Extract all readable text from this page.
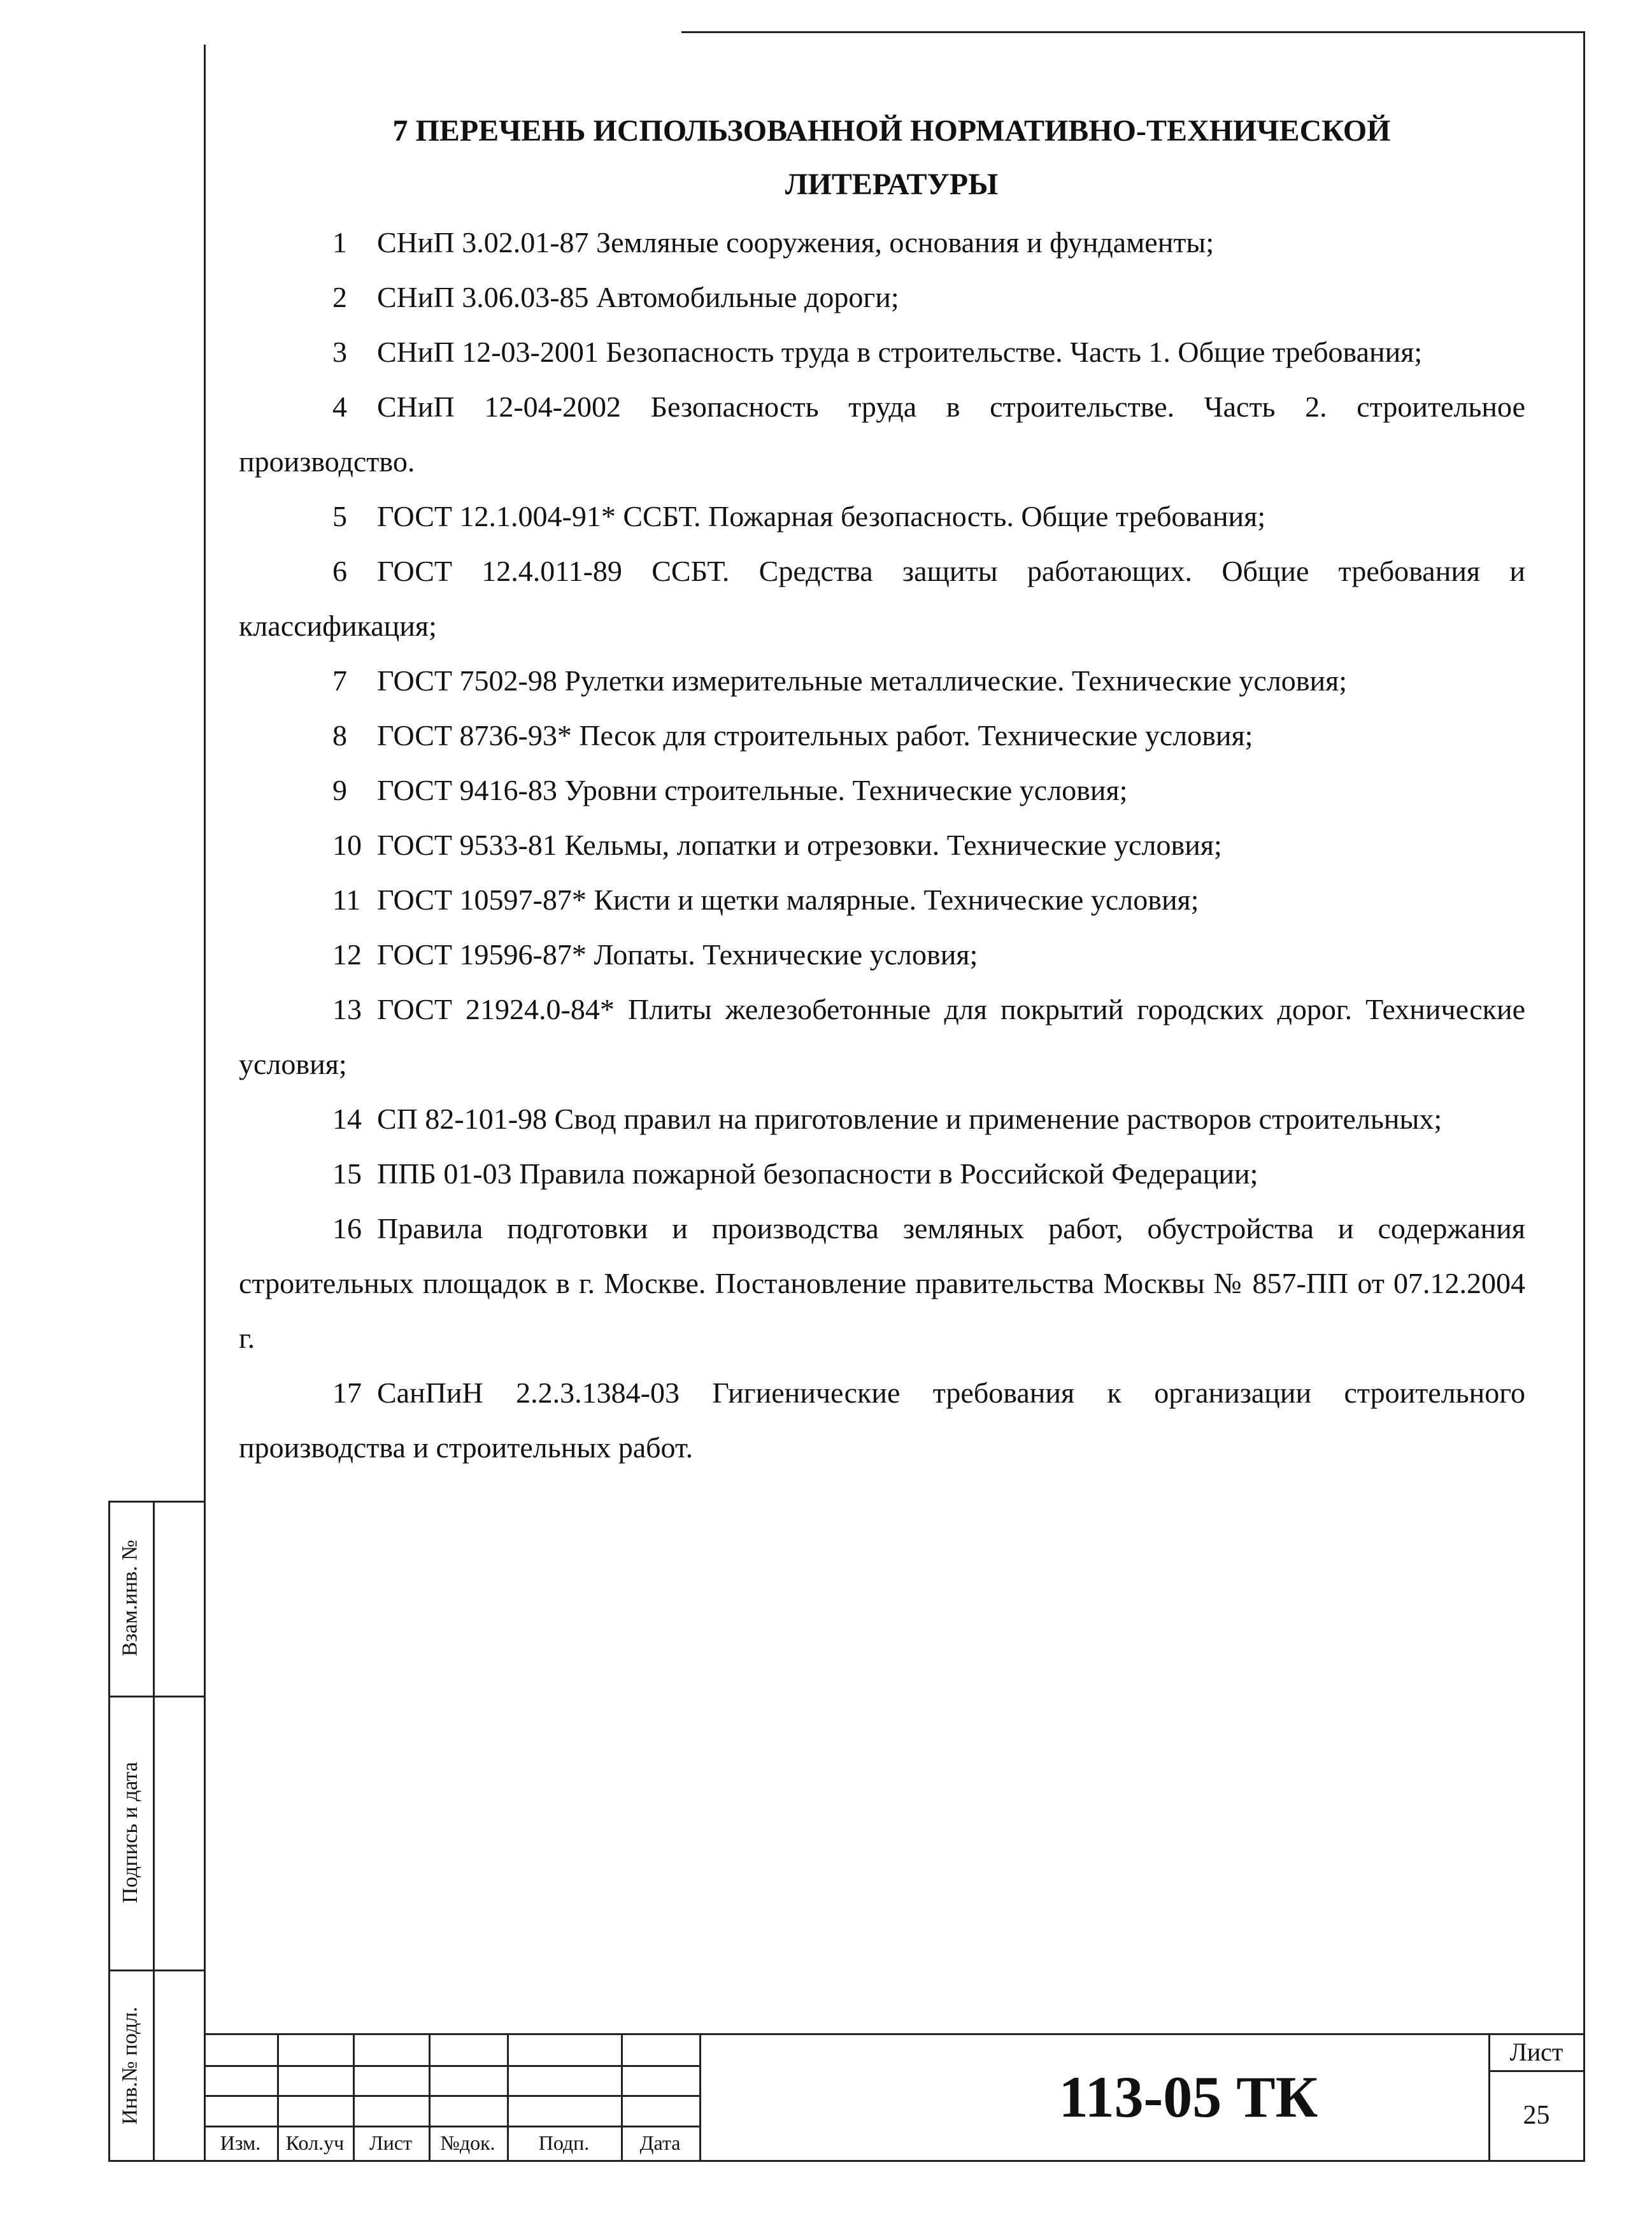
Взам.инв. №
Подпись и дата
Инв.№ подл.
7 ПЕРЕЧЕНЬ ИСПОЛЬЗОВАННОЙ НОРМАТИВНО-ТЕХНИЧЕСКОЙ
ЛИТЕРАТУРЫ

1 СНиП 3.02.01-87 Земляные сооружения, основания и фундаменты;

2 СНиП 3.06.03-85 Автомобильные дороги;

3 СНиП 12-03-2001 Безопасность труда в строительстве. Часть 1. Общие требования;

4 СНиП 12-04-2002 Безопасность труда в строительстве. Часть 2. строительное производство.

5 ГОСТ 12.1.004-91* ССБТ. Пожарная безопасность. Общие требования;

6 ГОСТ 12.4.011-89 ССБТ. Средства защиты работающих. Общие требования и классификация;

7 ГОСТ 7502-98 Рулетки измерительные металлические. Технические условия;

8 ГОСТ 8736-93* Песок для строительных работ. Технические условия;

9 ГОСТ 9416-83 Уровни строительные. Технические условия;

10 ГОСТ 9533-81 Кельмы, лопатки и отрезовки. Технические условия;

11 ГОСТ 10597-87* Кисти и щетки малярные. Технические условия;

12 ГОСТ 19596-87* Лопаты. Технические условия;

13 ГОСТ 21924.0-84* Плиты железобетонные для покрытий городских дорог. Технические условия;

14 СП 82-101-98 Свод правил на приготовление и применение растворов строительных;

15 ППБ 01-03 Правила пожарной безопасности в Российской Федерации;

16 Правила подготовки и производства земляных работ, обустройства и содержания строительных площадок в г. Москве. Постановление правительства Москвы № 857-ПП от 07.12.2004 г.

17 СанПиН 2.2.3.1384-03 Гигиенические требования к организации строительного производства и строительных работ.

Изм.	Кол.уч	Лист	№док.	Подп.	Дата
113-05 ТК
Лист
25
